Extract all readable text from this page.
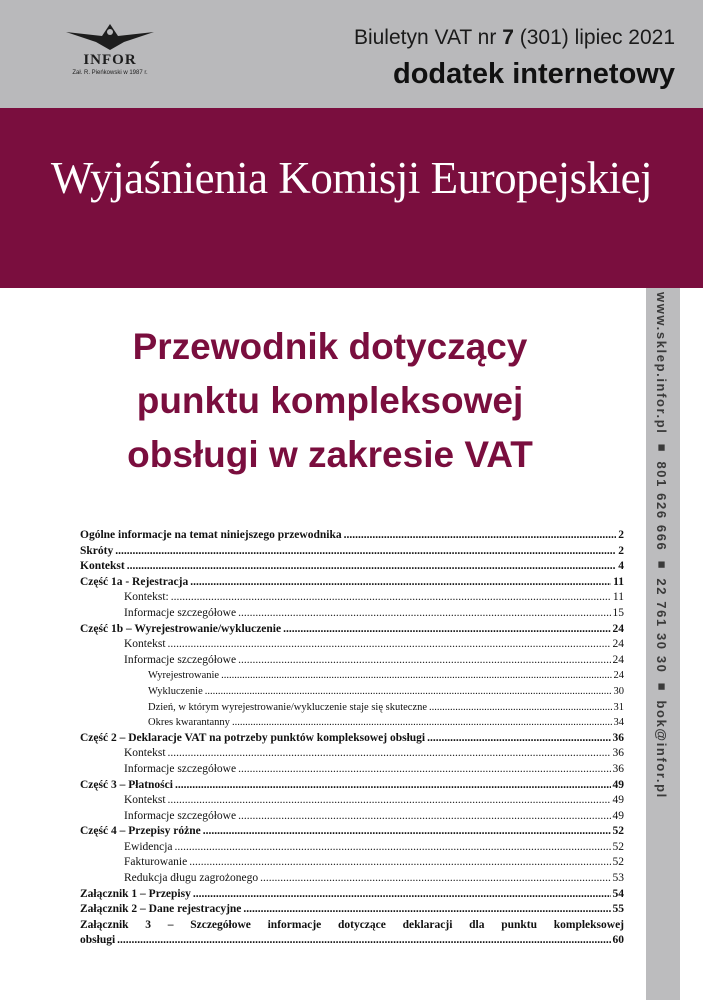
INFOR
Zał. R. Pieńkowski w 1987 r.
Biuletyn VAT nr 7 (301) lipiec 2021
dodatek internetowy
Wyjaśnienia Komisji Europejskiej
www.sklep.infor.pl ■ 801 626 666 ■ 22 761 30 30 ■ bok@infor.pl
Przewodnik dotyczący
punktu kompleksowej
obsługi w zakresie VAT
Ogólne informacje na temat niniejszego przewodnika .....	2
Skróty .....	2
Kontekst .....	4
Część 1a - Rejestracja .....	11
Kontekst: .....	11
Informacje szczegółowe .....	15
Część 1b – Wyrejestrowanie/wykluczenie .....	24
Kontekst .....	24
Informacje szczegółowe .....	24
Wyrejestrowanie .....	24
Wykluczenie .....	30
Dzień, w którym wyrejestrowanie/wykluczenie staje się skuteczne .....	31
Okres kwarantanny .....	34
Część 2 – Deklaracje VAT na potrzeby punktów kompleksowej obsługi .....	36
Kontekst .....	36
Informacje szczegółowe .....	36
Część 3 – Płatności .....	49
Kontekst .....	49
Informacje szczegółowe .....	49
Część 4 – Przepisy różne .....	52
Ewidencja .....	52
Fakturowanie .....	52
Redukcja długu zagrożonego .....	53
Załącznik 1 – Przepisy .....	54
Załącznik 2 – Dane rejestracyjne .....	55
Załącznik 3 – Szczegółowe informacje dotyczące deklaracji dla punktu kompleksowej
obsługi .....	60
